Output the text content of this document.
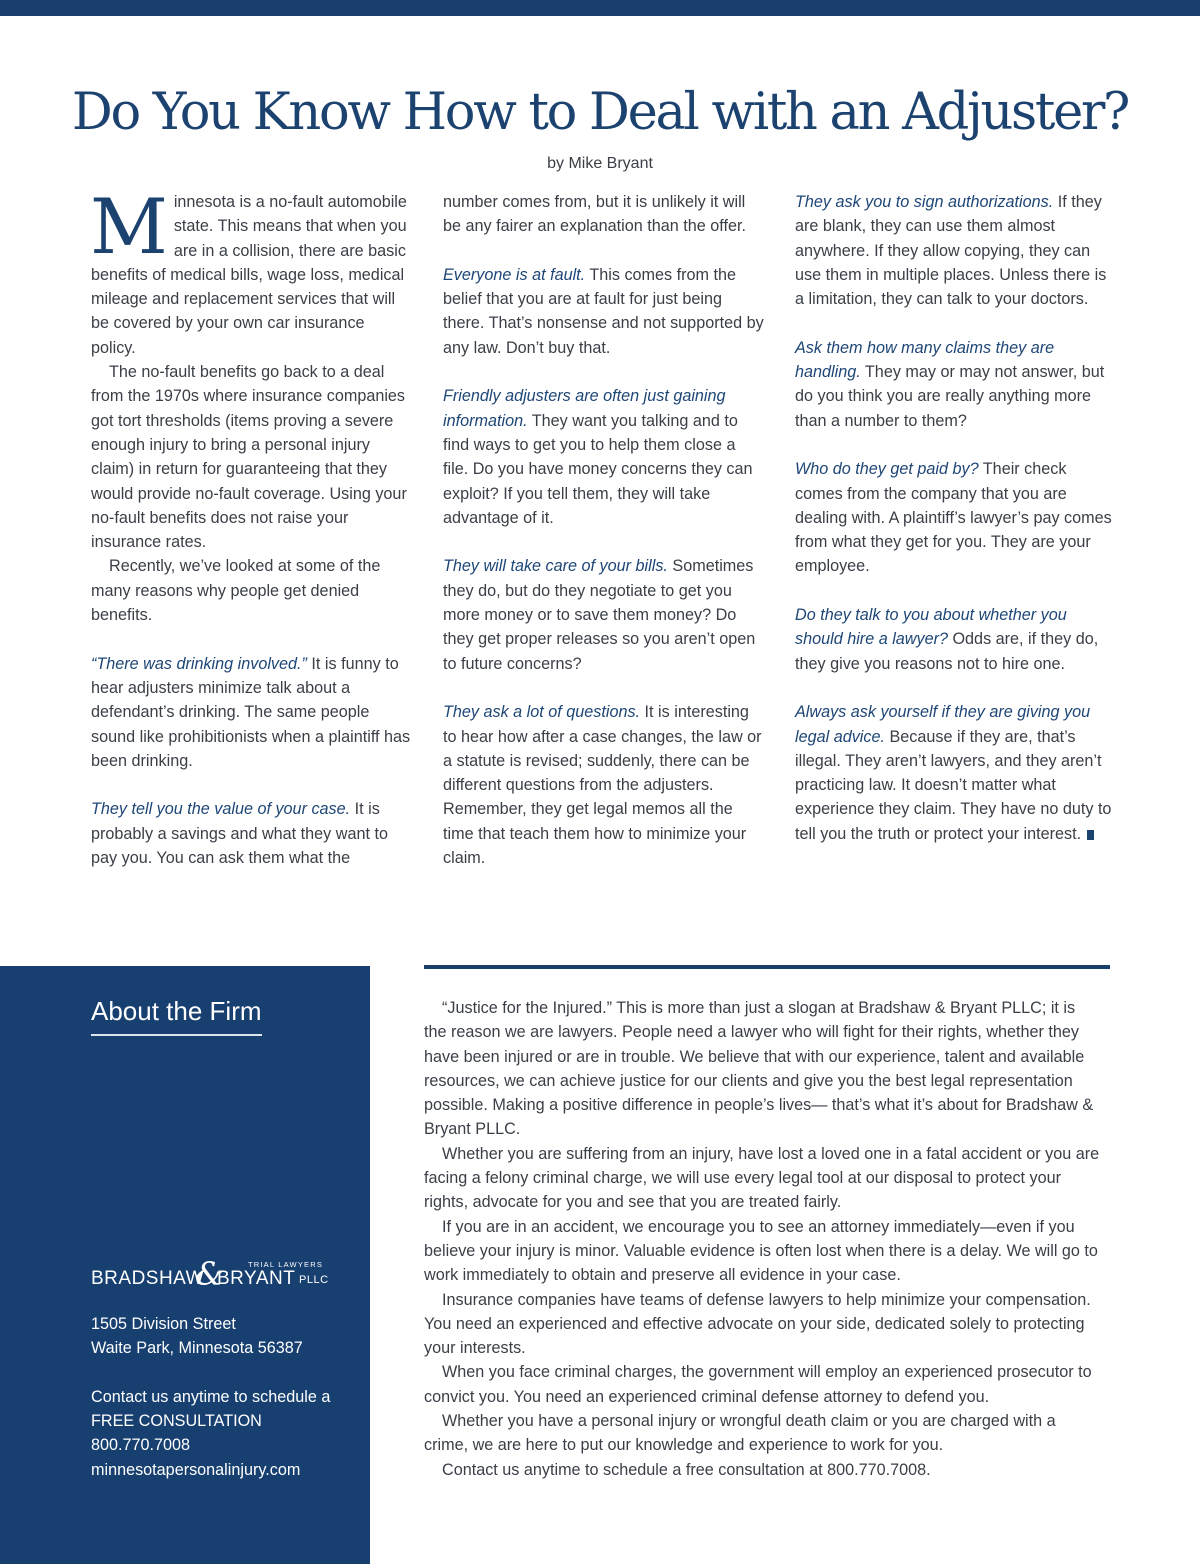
Do You Know How to Deal with an Adjuster?
by Mike Bryant

Minnesota is a no-fault automobile state. This means that when you are in a collision, there are basic benefits of medical bills, wage loss, medical mileage and replacement services that will be covered by your own car insurance policy.

The no-fault benefits go back to a deal from the 1970s where insurance companies got tort thresholds (items proving a severe enough injury to bring a personal injury claim) in return for guaranteeing that they would provide no-fault coverage. Using your no-fault benefits does not raise your insurance rates.

Recently, we’ve looked at some of the many reasons why people get denied benefits.

“There was drinking involved.” It is funny to hear adjusters minimize talk about a defendant’s drinking. The same people sound like prohibitionists when a plaintiff has been drinking.

They tell you the value of your case. It is probably a savings and what they want to pay you. You can ask them what the

number comes from, but it is unlikely it will be any fairer an explanation than the offer.

Everyone is at fault. This comes from the belief that you are at fault for just being there. That’s nonsense and not supported by any law. Don’t buy that.

Friendly adjusters are often just gaining information. They want you talking and to find ways to get you to help them close a file. Do you have money concerns they can exploit? If you tell them, they will take advantage of it.

They will take care of your bills. Sometimes they do, but do they negotiate to get you more money or to save them money? Do they get proper releases so you aren’t open to future concerns?

They ask a lot of questions. It is interesting to hear how after a case changes, the law or a statute is revised; suddenly, there can be different questions from the adjusters. Remember, they get legal memos all the time that teach them how to minimize your claim.

They ask you to sign authorizations. If they are blank, they can use them almost anywhere. If they allow copying, they can use them in multiple places. Unless there is a limitation, they can talk to your doctors.

Ask them how many claims they are handling. They may or may not answer, but do you think you are really anything more than a number to them?

Who do they get paid by? Their check comes from the company that you are dealing with. A plaintiff’s lawyer’s pay comes from what they get for you. They are your employee.

Do they talk to you about whether you should hire a lawyer? Odds are, if they do, they give you reasons not to hire one.

Always ask yourself if they are giving you legal advice. Because if they are, that’s illegal. They aren’t lawyers, and they aren’t practicing law. It doesn’t matter what experience they claim. They have no duty to tell you the truth or protect your interest.

About the Firm
BRADSHAW
&	TRIAL LAWYERS
BRYANT PLLC
1505 Division Street
Waite Park, Minnesota 56387
Contact us anytime to schedule a
FREE CONSULTATION
800.770.7008
minnesotapersonalinjury.com

“Justice for the Injured.” This is more than just a slogan at Bradshaw & Bryant PLLC; it is the reason we are lawyers. People need a lawyer who will fight for their rights, whether they have been injured or are in trouble. We believe that with our experience, talent and available resources, we can achieve justice for our clients and give you the best legal representation possible. Making a positive difference in people’s lives— that’s what it’s about for Bradshaw & Bryant PLLC.

Whether you are suffering from an injury, have lost a loved one in a fatal accident or you are facing a felony criminal charge, we will use every legal tool at our disposal to protect your rights, advocate for you and see that you are treated fairly.

If you are in an accident, we encourage you to see an attorney immediately—even if you believe your injury is minor. Valuable evidence is often lost when there is a delay. We will go to work immediately to obtain and preserve all evidence in your case.

Insurance companies have teams of defense lawyers to help minimize your compensation. You need an experienced and effective advocate on your side, dedicated solely to protecting your interests.

When you face criminal charges, the government will employ an experienced prosecutor to convict you. You need an experienced criminal defense attorney to defend you.

Whether you have a personal injury or wrongful death claim or you are charged with a crime, we are here to put our knowledge and experience to work for you.

Contact us anytime to schedule a free consultation at 800.770.7008.
